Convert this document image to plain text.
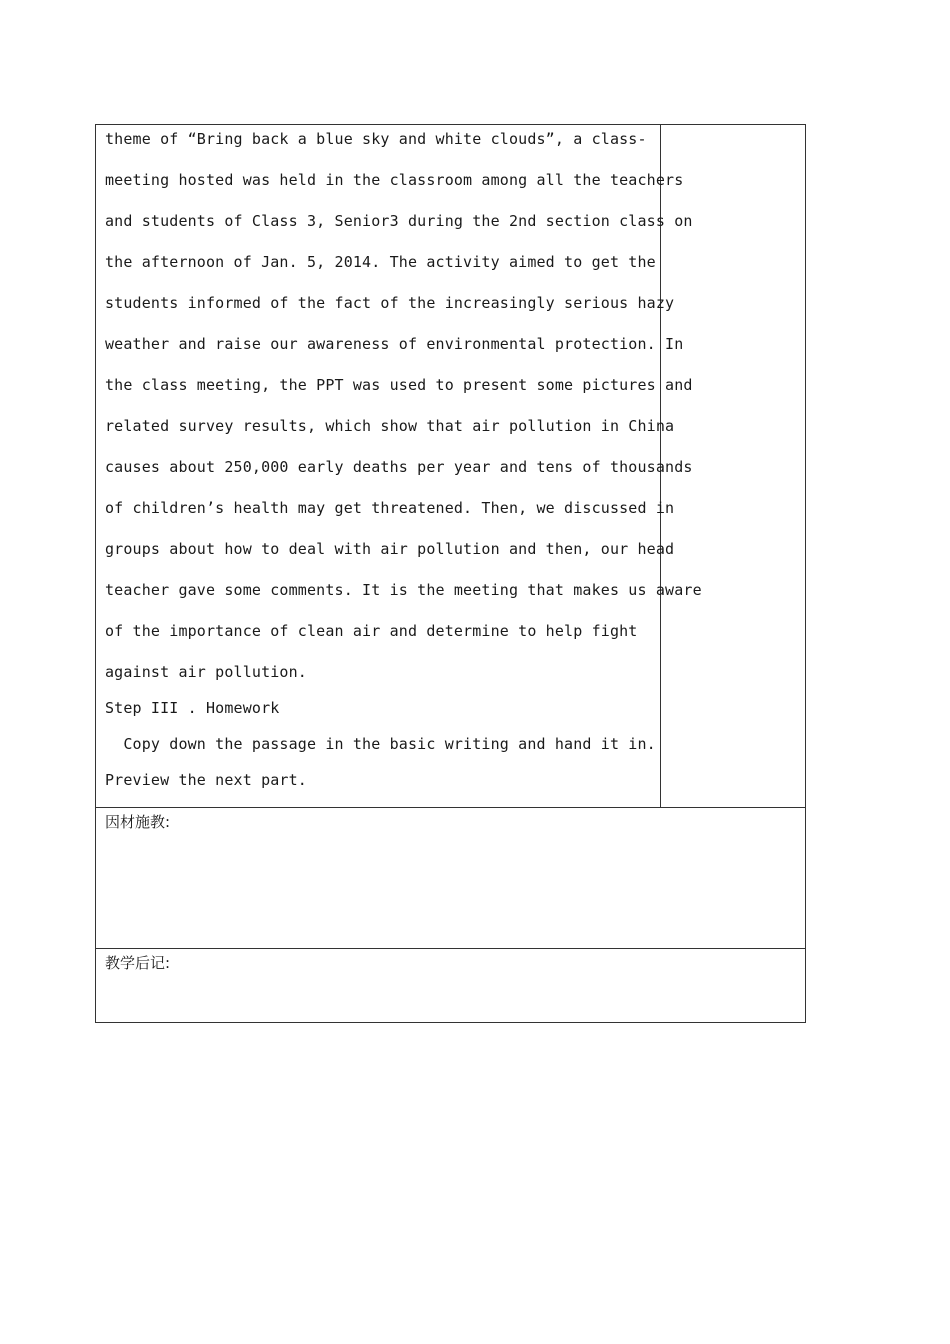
theme of “Bring back a blue sky and white clouds”, a class-
meeting hosted was held in the classroom among all the teachers
and students of Class 3, Senior3 during the 2nd section class on
the afternoon of Jan. 5, 2014. The activity aimed to get the
students informed of the fact of the increasingly serious hazy
weather and raise our awareness of environmental protection. In
the class meeting, the PPT was used to present some pictures and
related survey results, which show that air pollution in China
causes about 250,000 early deaths per year and tens of thousands
of children’s health may get threatened. Then, we discussed in
groups about how to deal with air pollution and then, our head
teacher gave some comments. It is the meeting that makes us aware
of the importance of clean air and determine to help fight
against air pollution.
Step III . Homework
Copy down the passage in the basic writing and hand it in.
Preview the next part.
因材施教:
教学后记:
